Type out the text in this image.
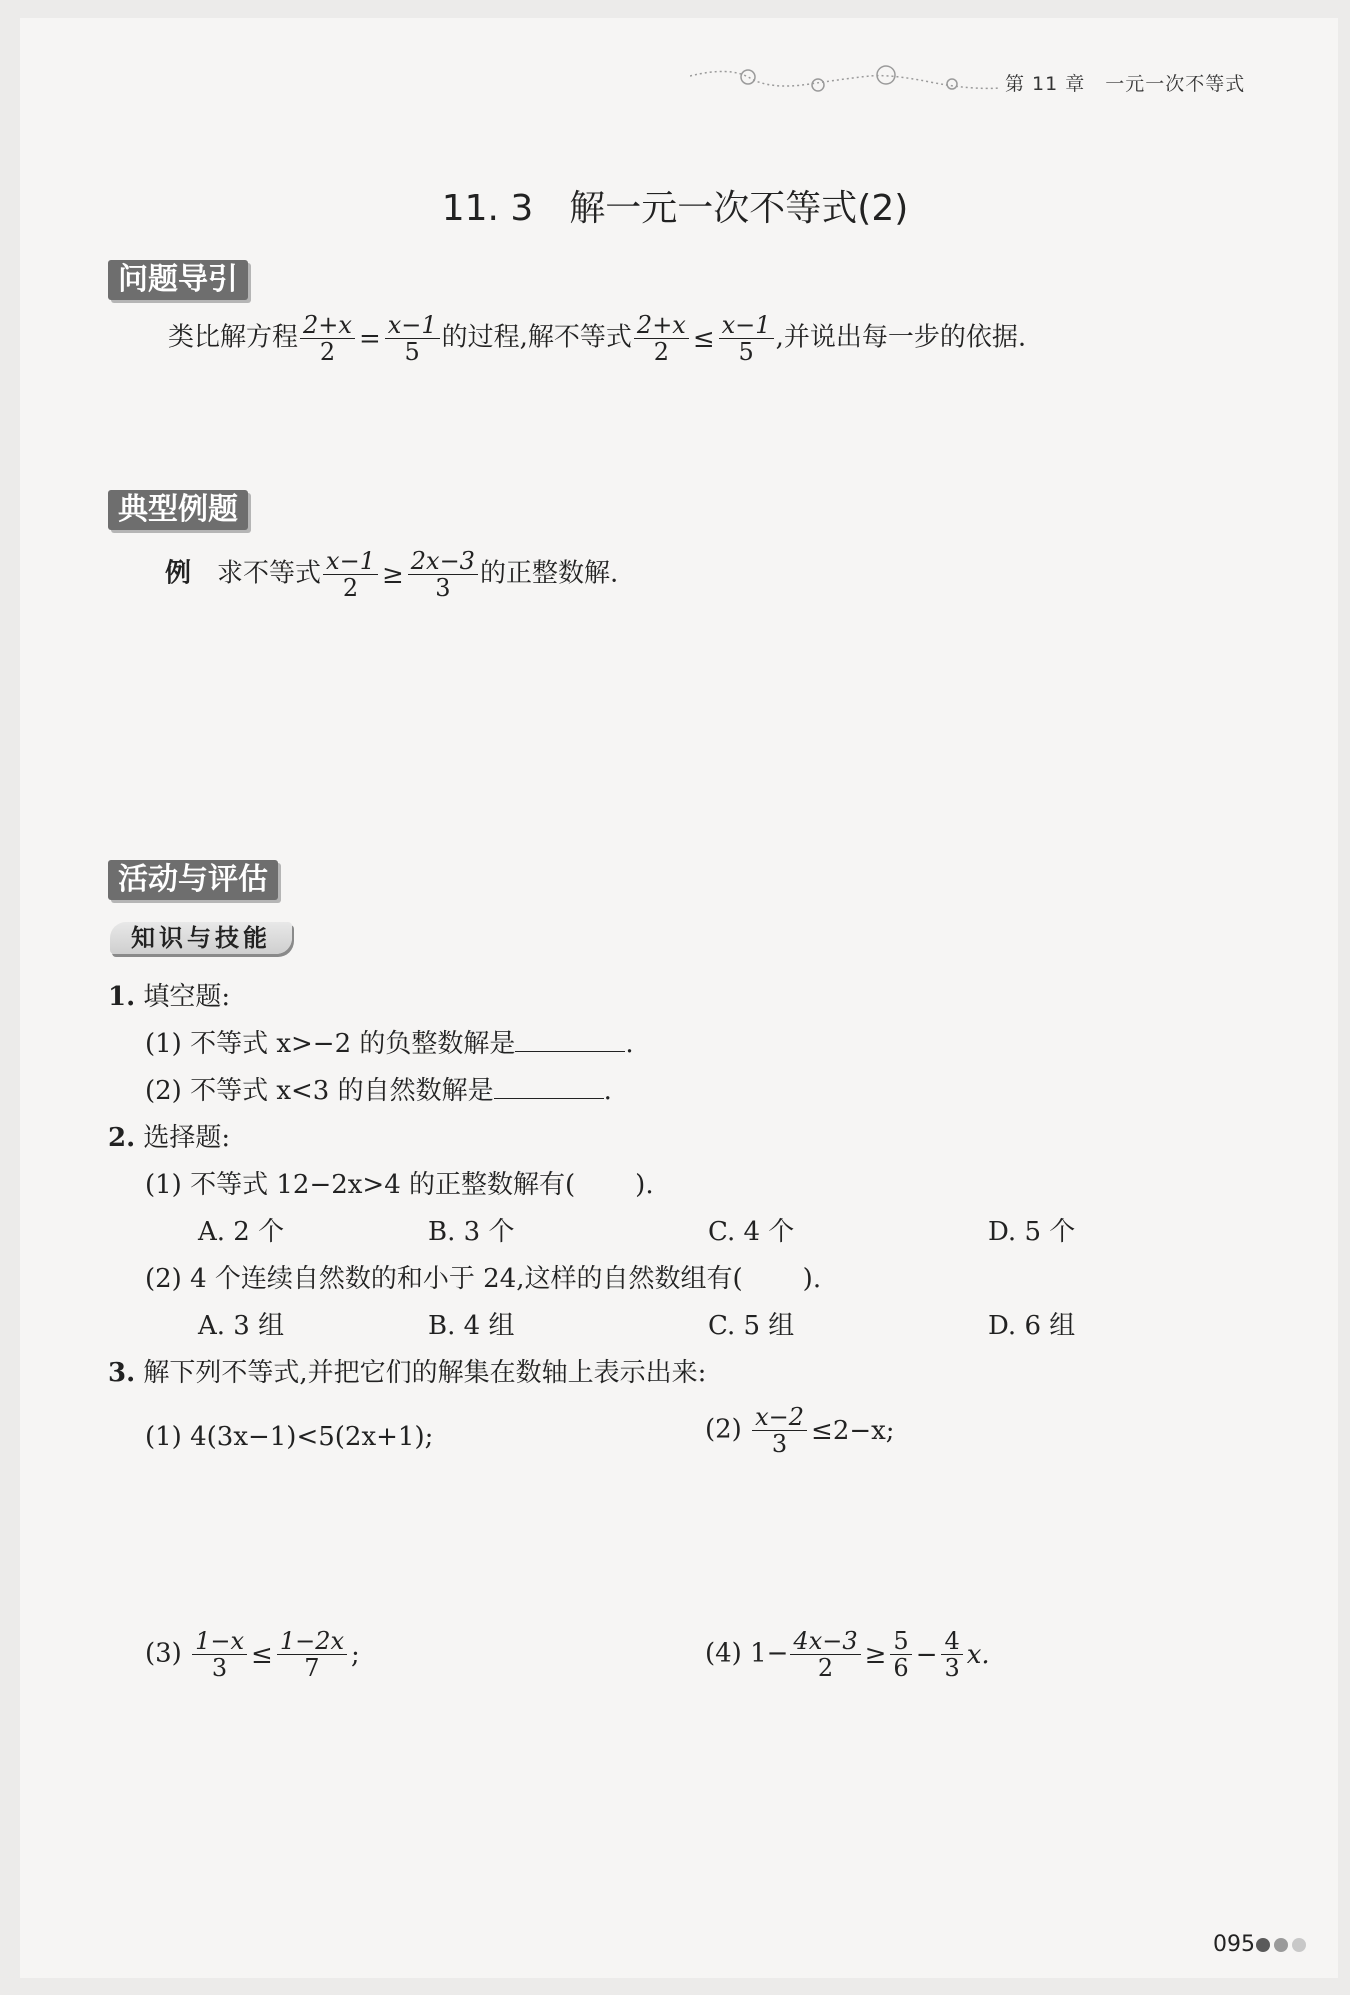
第 11 章　 一元一次不等式
11. 3　解一元一次不等式(2)
问题导引
类比解方程 $\frac{2+x}{2} = \frac{x-1}{5}$ 的过程,解不等式 $\frac{2+x}{2} \le \frac{x-1}{5}$ ,并说出每一步的依据.
典型例题
例　 求不等式 $\frac{x-1}{2} \ge \frac{2x-3}{3}$ 的正整数解.
活动与评估
知识与技能
1. 填空题:
(1) 不等式 x>−2 的负整数解是	.
(2) 不等式 x<3 的自然数解是	.
2. 选择题:
(1) 不等式 12−2x>4 的正整数解有( ).
A. 2 个	B. 3 个	C. 4 个	D. 5 个
(2) 4 个连续自然数的和小于 24,这样的自然数组有( ).
A. 3 组	B. 4 组	C. 5 组	D. 6 组
3. 解下列不等式,并把它们的解集在数轴上表示出来:
(1) 4(3x−1)<5(2x+1);	$(2) \frac{x-2}{3} \le 2-x$;
$(3) \frac{1-x}{3} \le \frac{1-2x}{7}$ ;	(4) $1- \frac{4x-3}{2} \ge \frac{5}{6} - \frac{4}{3} x$.
095
